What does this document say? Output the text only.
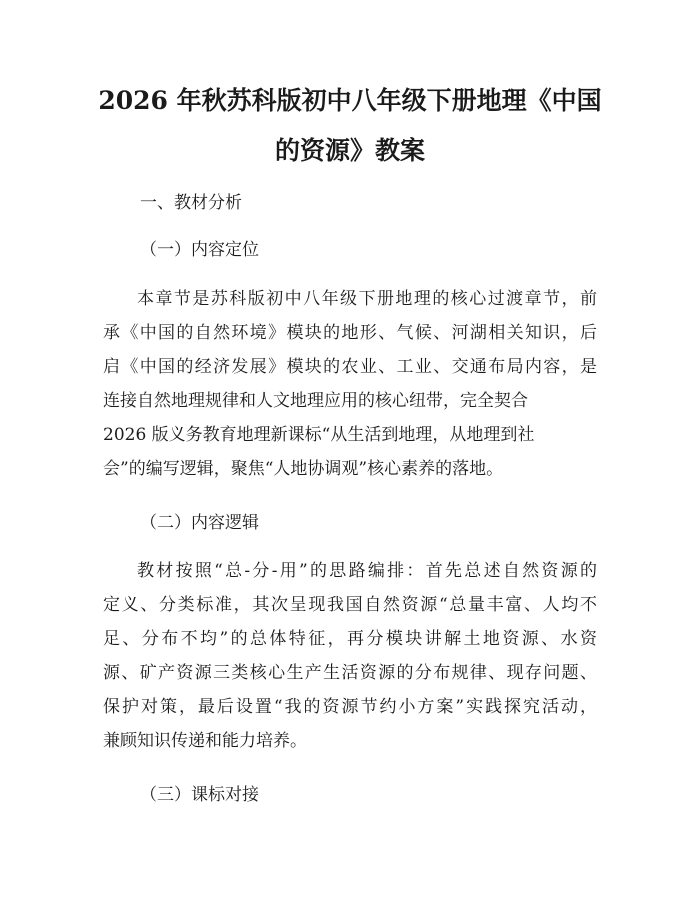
2026 年秋苏科版初中八年级下册地理《中国
的资源》教案

一、教材分析

（一）内容定位

本章节是苏科版初中八年级下册地理的核心过渡章节，前
承《中国的自然环境》模块的地形、气候、河湖相关知识，后
启《中国的经济发展》模块的农业、工业、交通布局内容，是
连接自然地理规律和人文地理应用的核心纽带，完全契合
2026 版义务教育地理新课标“从生活到地理，从地理到社
会”的编写逻辑，聚焦“人地协调观”核心素养的落地。

（二）内容逻辑

教材按照“总-分-用”的思路编排：首先总述自然资源的
定义、分类标准，其次呈现我国自然资源“总量丰富、人均不
足、分布不均”的总体特征，再分模块讲解土地资源、水资
源、矿产资源三类核心生产生活资源的分布规律、现存问题、
保护对策，最后设置“我的资源节约小方案”实践探究活动，
兼顾知识传递和能力培养。

（三）课标对接
